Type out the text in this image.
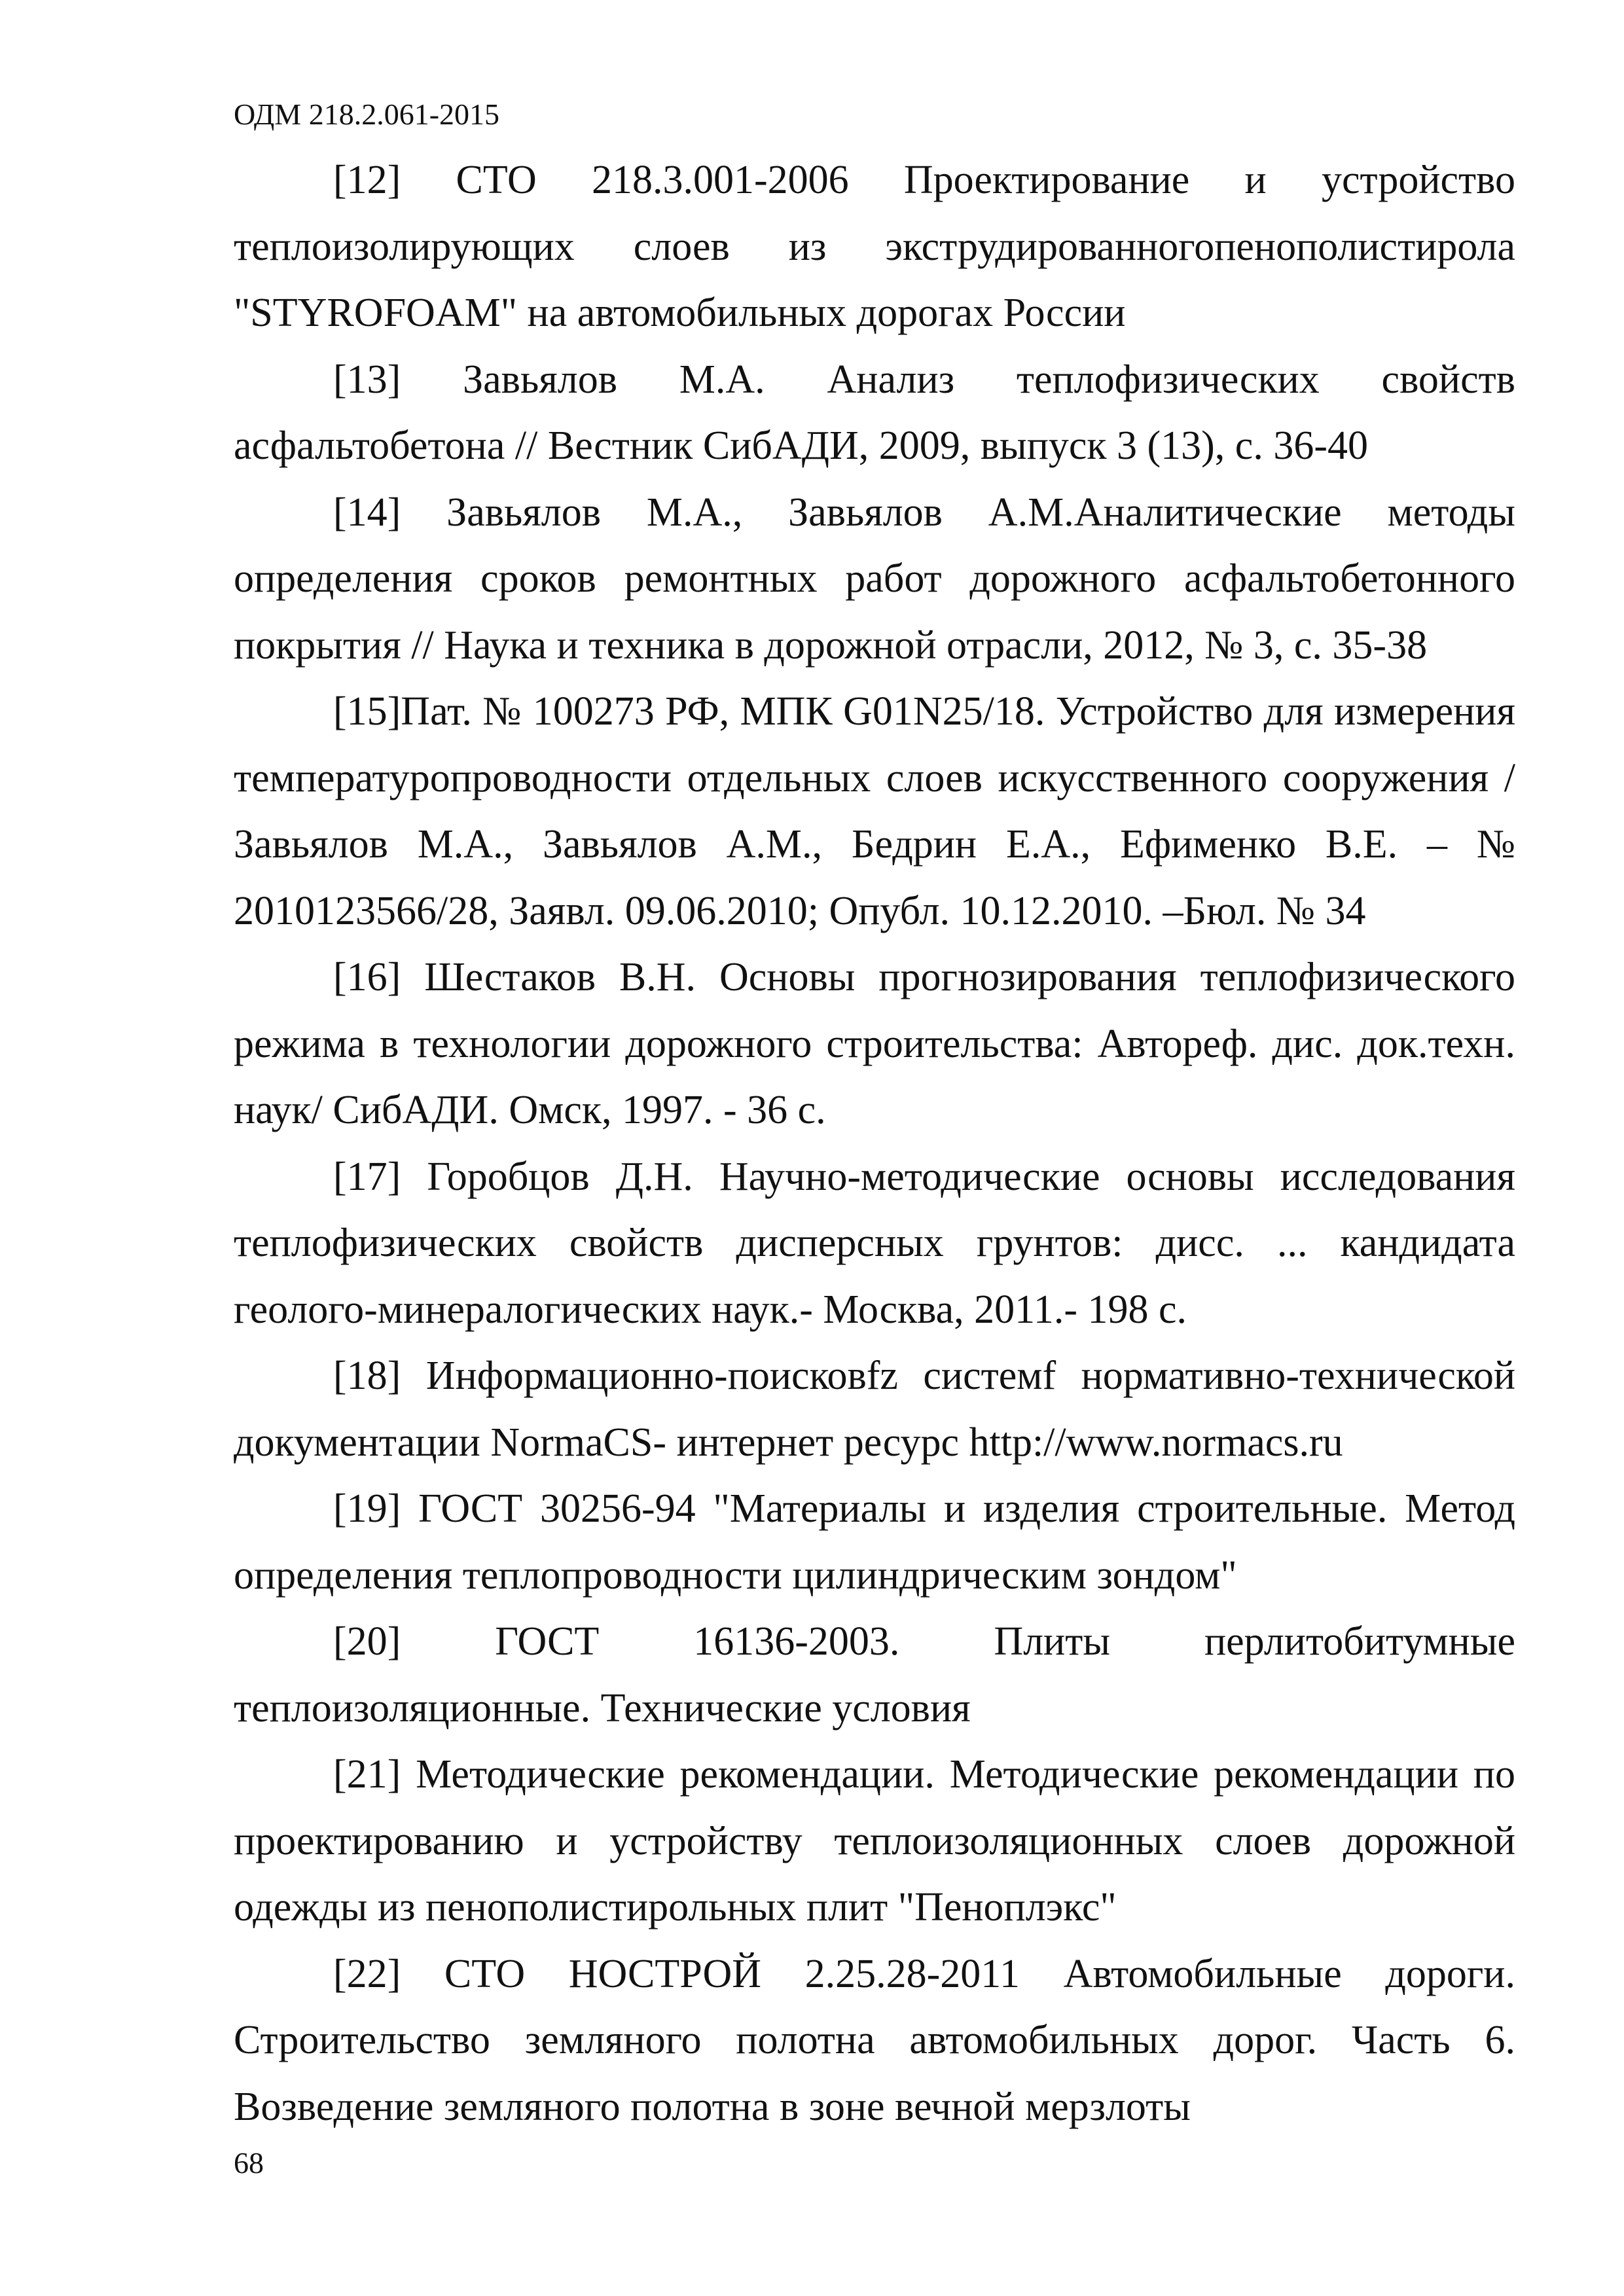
ОДМ 218.2.061-2015

[12] СТО 218.3.001-2006 Проектирование и устройство теплоизолирующих слоев из экструдированногопенополистирола "STYROFOAM" на автомобильных дорогах России

[13] Завьялов М.А. Анализ теплофизических свойств асфальтобетона // Вестник СибАДИ, 2009, выпуск 3 (13), с. 36-40

[14] Завьялов М.А., Завьялов А.М.Аналитические методы определения сроков ремонтных работ дорожного асфальтобетонного покрытия // Наука и техника в дорожной отрасли, 2012, № 3, с. 35-38

[15]Пат. № 100273 РФ, МПК G01N25/18. Устройство для измерения температуропроводности отдельных слоев искусственного сооружения / Завьялов М.А., Завьялов А.М., Бедрин Е.А., Ефименко В.Е. – № 2010123566/28, Заявл. 09.06.2010; Опубл. 10.12.2010. –Бюл. № 34

[16] Шестаков В.Н. Основы прогнозирования теплофизического режима в технологии дорожного строительства: Автореф. дис. док.техн. наук/ СибАДИ. Омск, 1997. - 36 с.

[17] Горобцов Д.Н. Научно-методические основы исследования теплофизических свойств дисперсных грунтов: дисс. ... кандидата геолого-минералогических наук.- Москва, 2011.- 198 с.

[18] Информационно-поисковfz системf нормативно-технической документации NormaCS- интернет ресурс http://www.normacs.ru

[19] ГОСТ 30256-94 "Материалы и изделия строительные. Метод определения теплопроводности цилиндрическим зондом"

[20] ГОСТ 16136-2003. Плиты перлитобитумные теплоизоляционные. Технические условия

[21] Методические рекомендации. Методические рекомендации по проектированию и устройству теплоизоляционных слоев дорожной одежды из пенополистирольных плит "Пеноплэкс"

[22] СТО НОСТРОЙ 2.25.28-2011 Автомобильные дороги. Строительство земляного полотна автомобильных дорог. Часть 6. Возведение земляного полотна в зоне вечной мерзлоты

68
